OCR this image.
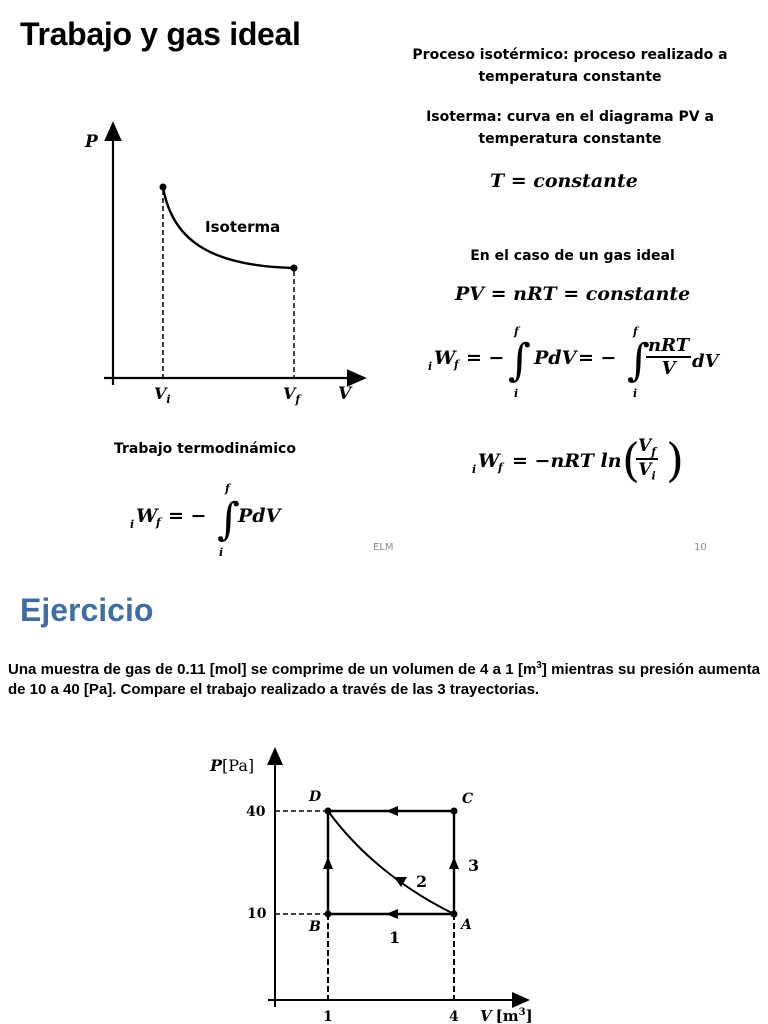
Trabajo y gas ideal
Proceso isotérmico: proceso realizado a temperatura constante
Isoterma: curva en el diagrama PV a temperatura constante
T = constante
En el caso de un gas ideal
PV = nRT = constante
P
V
Isoterma
$V_i$	$V_f$
i W
f = −
f
∫
i
PdV = −
f
∫
i
nRT
V dV
i W
f = −nRT ln (
$\frac{V_f}{V_i}$ )
Trabajo termodinámico
i W
f = −
f
∫
i
PdV
ELM	10
Ejercicio
Una muestra de gas de 0.11 [mol] se comprime de un volumen de 4 a 1 $[m^3]$ mientras su presión aumenta de 10 a 40 [Pa]. Compare el trabajo realizado a través de las 3 trayectorias.
P[Pa]
V $[m^3]$
40
10
1	4
D	C
B	A
1
2
3
